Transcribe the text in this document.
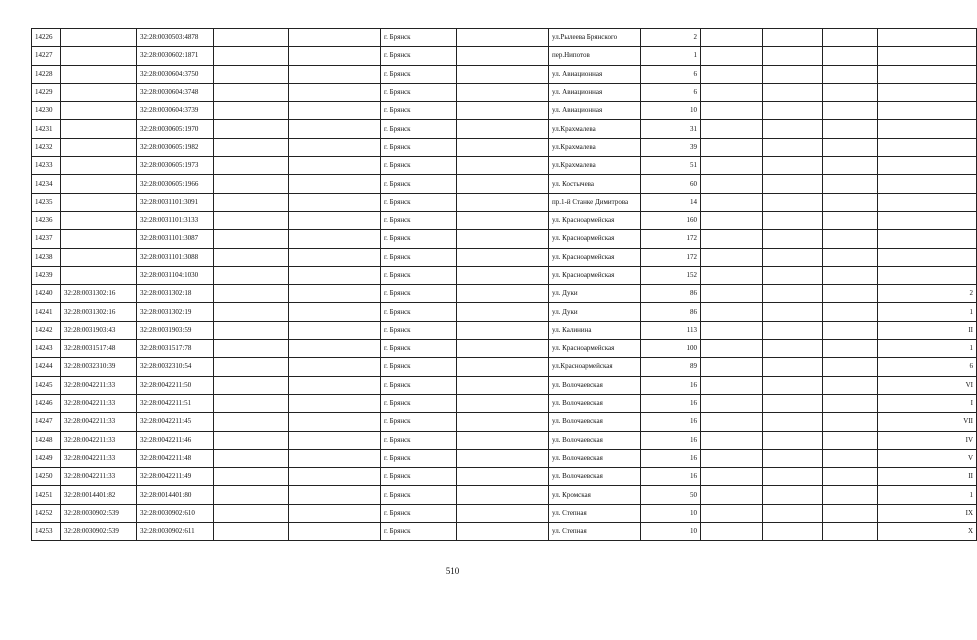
14226		32:28:0030503:4878			г. Брянск		ул.Рылеева Брянского	2				
14227		32:28:0030602:1871			г. Брянск		пер.Нипотов	1				
14228		32:28:0030604:3750			г. Брянск		ул. Авиационная	6				
14229		32:28:0030604:3748			г. Брянск		ул. Авиационная	6				
14230		32:28:0030604:3739			г. Брянск		ул. Авиационная	10				
14231		32:28:0030605:1970			г. Брянск		ул.Крахмалева	31				
14232		32:28:0030605:1982			г. Брянск		ул.Крахмалева	39				
14233		32:28:0030605:1973			г. Брянск		ул.Крахмалева	51				
14234		32:28:0030605:1966			г. Брянск		ул. Костычева	60				
14235		32:28:0031101:3091			г. Брянск		пр.1-й Станке Димитрова	14				
14236		32:28:0031101:3133			г. Брянск		ул. Красноармейская	160				
14237		32:28:0031101:3087			г. Брянск		ул. Красноармейская	172				
14238		32:28:0031101:3088			г. Брянск		ул. Красноармейская	172				
14239		32:28:0031104:1030			г. Брянск		ул. Красноармейская	152				
14240	32:28:0031302:16	32:28:0031302:18			г. Брянск		ул. Дуки	86				2
14241	32:28:0031302:16	32:28:0031302:19			г. Брянск		ул. Дуки	86				1
14242	32:28:0031903:43	32:28:0031903:59			г. Брянск		ул. Калинина	113				II
14243	32:28:0031517:48	32:28:0031517:78			г. Брянск		ул. Красноармейская	100				1
14244	32:28:0032310:39	32:28:0032310:54			г. Брянск		ул.Красноармейская	89				6
14245	32:28:0042211:33	32:28:0042211:50			г. Брянск		ул. Волочаевская	16				VI
14246	32:28:0042211:33	32:28:0042211:51			г. Брянск		ул. Волочаевская	16				I
14247	32:28:0042211:33	32:28:0042211:45			г. Брянск		ул. Волочаевская	16				VII
14248	32:28:0042211:33	32:28:0042211:46			г. Брянск		ул. Волочаевская	16				IV
14249	32:28:0042211:33	32:28:0042211:48			г. Брянск		ул. Волочаевская	16				V
14250	32:28:0042211:33	32:28:0042211:49			г. Брянск		ул. Волочаевская	16				II
14251	32:28:0014401:82	32:28:0014401:80			г. Брянск		ул. Кромская	50				1
14252	32:28:0030902:539	32:28:0030902:610			г. Брянск		ул. Степная	10				IX
14253	32:28:0030902:539	32:28:0030902:611			г. Брянск		ул. Степная	10				X
510
